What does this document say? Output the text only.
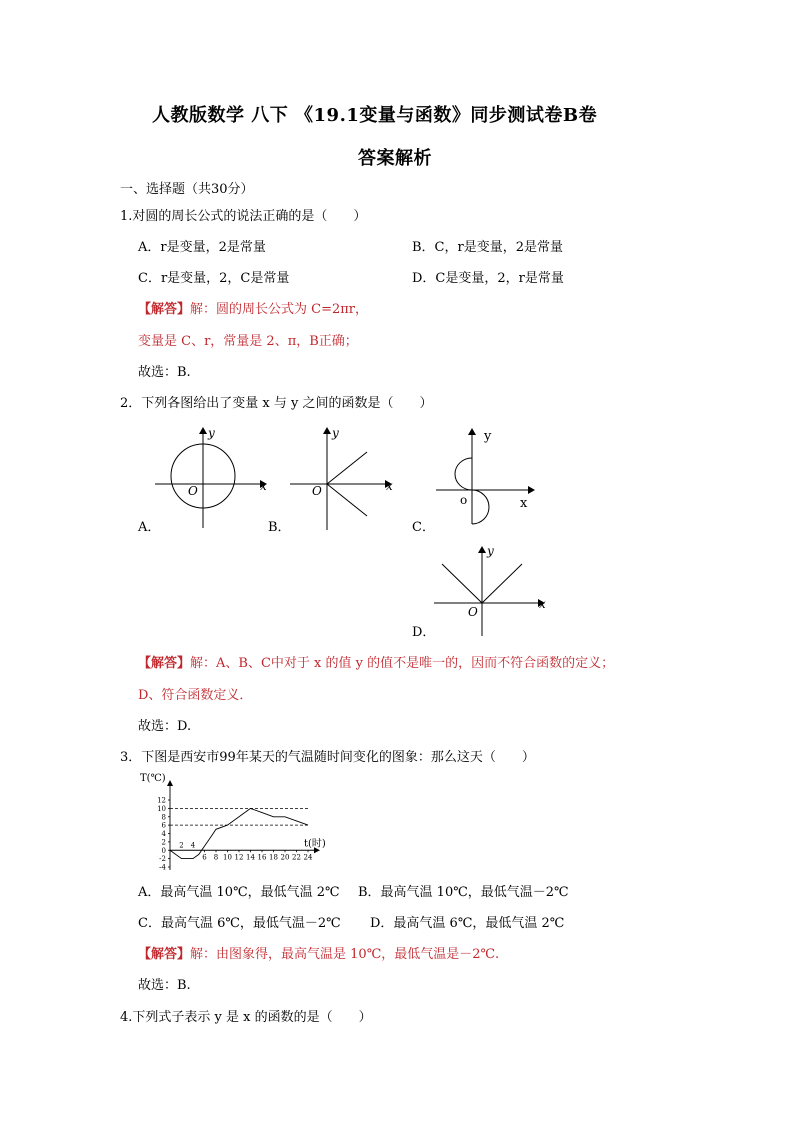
人教版数学 八下 《19.1变量与函数》同步测试卷B卷
答案解析
一、选择题（共30分）
1.对圆的周长公式的说法正确的是（　　）
A．r是变量，2是常量	B．C，r是变量，2是常量
C．r是变量，2，C是常量	D．C是变量，2，r是常量
【解答】解：圆的周长公式为 C=2πr，
变量是 C、r，常量是 2、π，B正确；
故选：B.
2．下列各图给出了变量 x 与 y 之间的函数是（　　）
y
x
O
A．
y
x
O
B．
y
x
o
C．
y
x
O
D．
【解答】解：A、B、C中对于 x 的值 y 的值不是唯一的，因而不符合函数的定义；
D、符合函数定义．
故选：D.
3．下图是西安市99年某天的气温随时间变化的图象：那么这天（　　）
T(℃)
12
10
8
6
4
2
0
-2
-4
2 4
6 8 10 12 14 16 18 20 22 24
t(时)
A．最高气温 10℃，最低气温 2℃ B．最高气温 10℃，最低气温－2℃
C．最高气温 6℃，最低气温－2℃ D．最高气温 6℃，最低气温 2℃
【解答】解：由图象得，最高气温是 10℃，最低气温是－2℃.
故选：B.
4.下列式子表示 y 是 x 的函数的是（　　）
